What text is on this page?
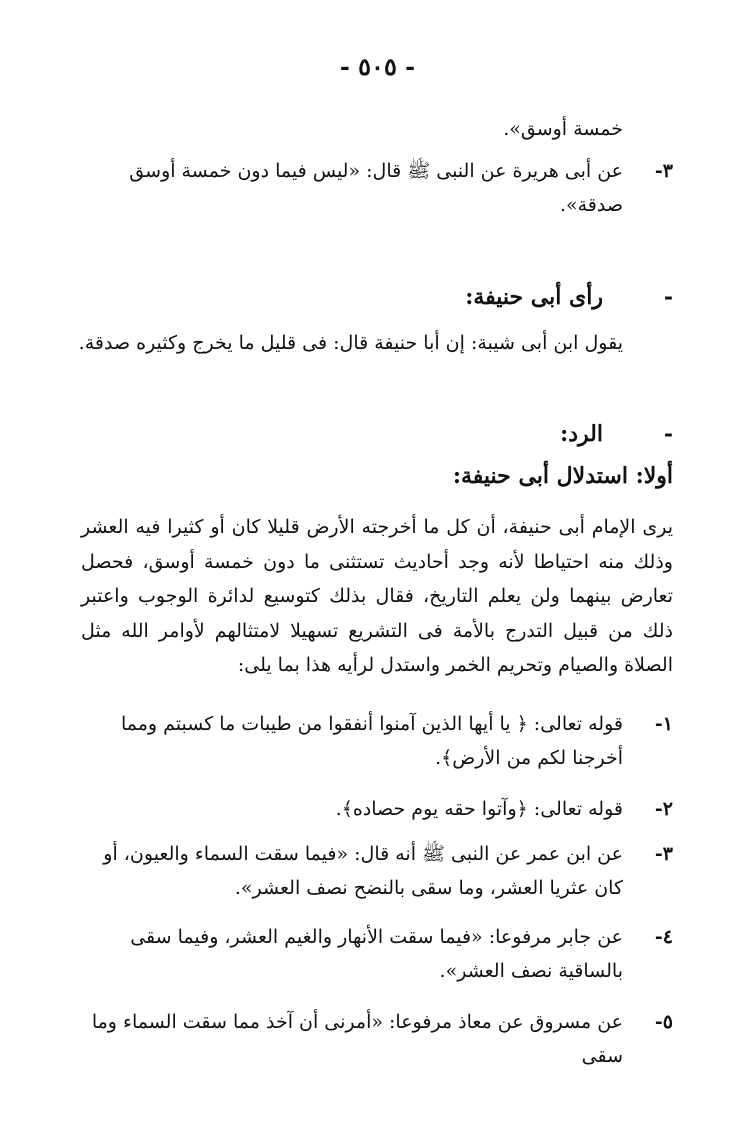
- ٥٠٥ -
خمسة أوسق».
٣-
عن أبى هريرة عن النبى ﷺ قال: «ليس فيما دون خمسة أوسق صدقة».
-
رأى أبى حنيفة:
يقول ابن أبى شيبة: إن أبا حنيفة قال: فى قليل ما يخرج وكثيره صدقة.
-
الرد:
أولا: استدلال أبى حنيفة:
يرى الإمام أبى حنيفة، أن كل ما أخرجته الأرض قليلا كان أو كثيرا فيه العشر وذلك منه احتياطا لأنه وجد أحاديث تستثنى ما دون خمسة أوسق، فحصل تعارض بينهما ولن يعلم التاريخ، فقال بذلك كتوسيع لدائرة الوجوب واعتبر ذلك من قبيل التدرج بالأمة فى التشريع تسهيلا لامتثالهم لأوامر الله مثل الصلاة والصيام وتحريم الخمر واستدل لرأيه هذا بما يلى:
١-
قوله تعالى: ﴿ يا أيها الذين آمنوا أنفقوا من طيبات ما كسبتم ومما أخرجنا لكم من الأرض﴾.
٢-
قوله تعالى: ﴿وآتوا حقه يوم حصاده﴾.
٣-
عن ابن عمر عن النبى ﷺ أنه قال: «فيما سقت السماء والعيون، أو كان عثريا العشر، وما سقى بالنضح نصف العشر».
٤-
عن جابر مرفوعا: «فيما سقت الأنهار والغيم العشر، وفيما سقى بالساقية نصف العشر».
٥-
عن مسروق عن معاذ مرفوعا: «أمرنى أن آخذ مما سقت السماء وما سقى
